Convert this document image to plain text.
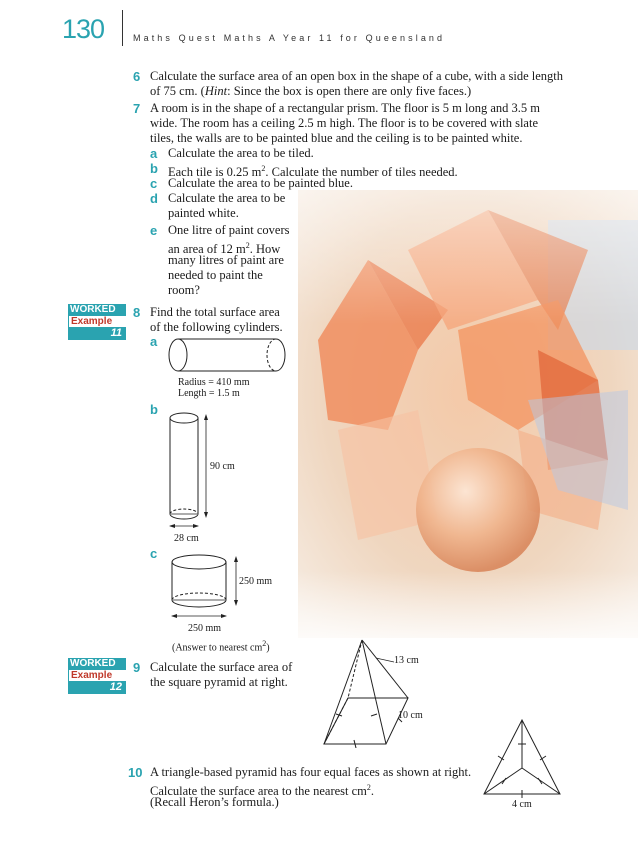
130	Maths Quest Maths A Year 11 for Queensland
6 Calculate the surface area of an open box in the shape of a cube, with a side length
of 75 cm. (Hint: Since the box is open there are only five faces.)
7 A room is in the shape of a rectangular prism. The floor is 5 m long and 3.5 m
wide. The room has a ceiling 2.5 m high. The floor is to be covered with slate
tiles, the walls are to be painted blue and the ceiling is to be painted white.
a Calculate the area to be tiled.
b Each tile is 0.25 $m^2$. Calculate the number of tiles needed.
c Calculate the area to be painted blue.
d Calculate the area to be
painted white.
e One litre of paint covers
an area of 12 $m^2$. How
many litres of paint are
needed to paint the
room?
WORKED
Example
11
8 Find the total surface area
of the following cylinders.
a
Radius = 410 mm
Length = 1.5 m
b
90 cm
28 cm
c
250 mm
250 mm
(Answer to nearest $cm^2$)
WORKED
Example
12
9 Calculate the surface area of
the square pyramid at right.
13 cm
10 cm
10 A triangle-based pyramid has four equal faces as shown at right.
Calculate the surface area to the nearest $cm^2$.
(Recall Heron’s formula.)	4 cm
